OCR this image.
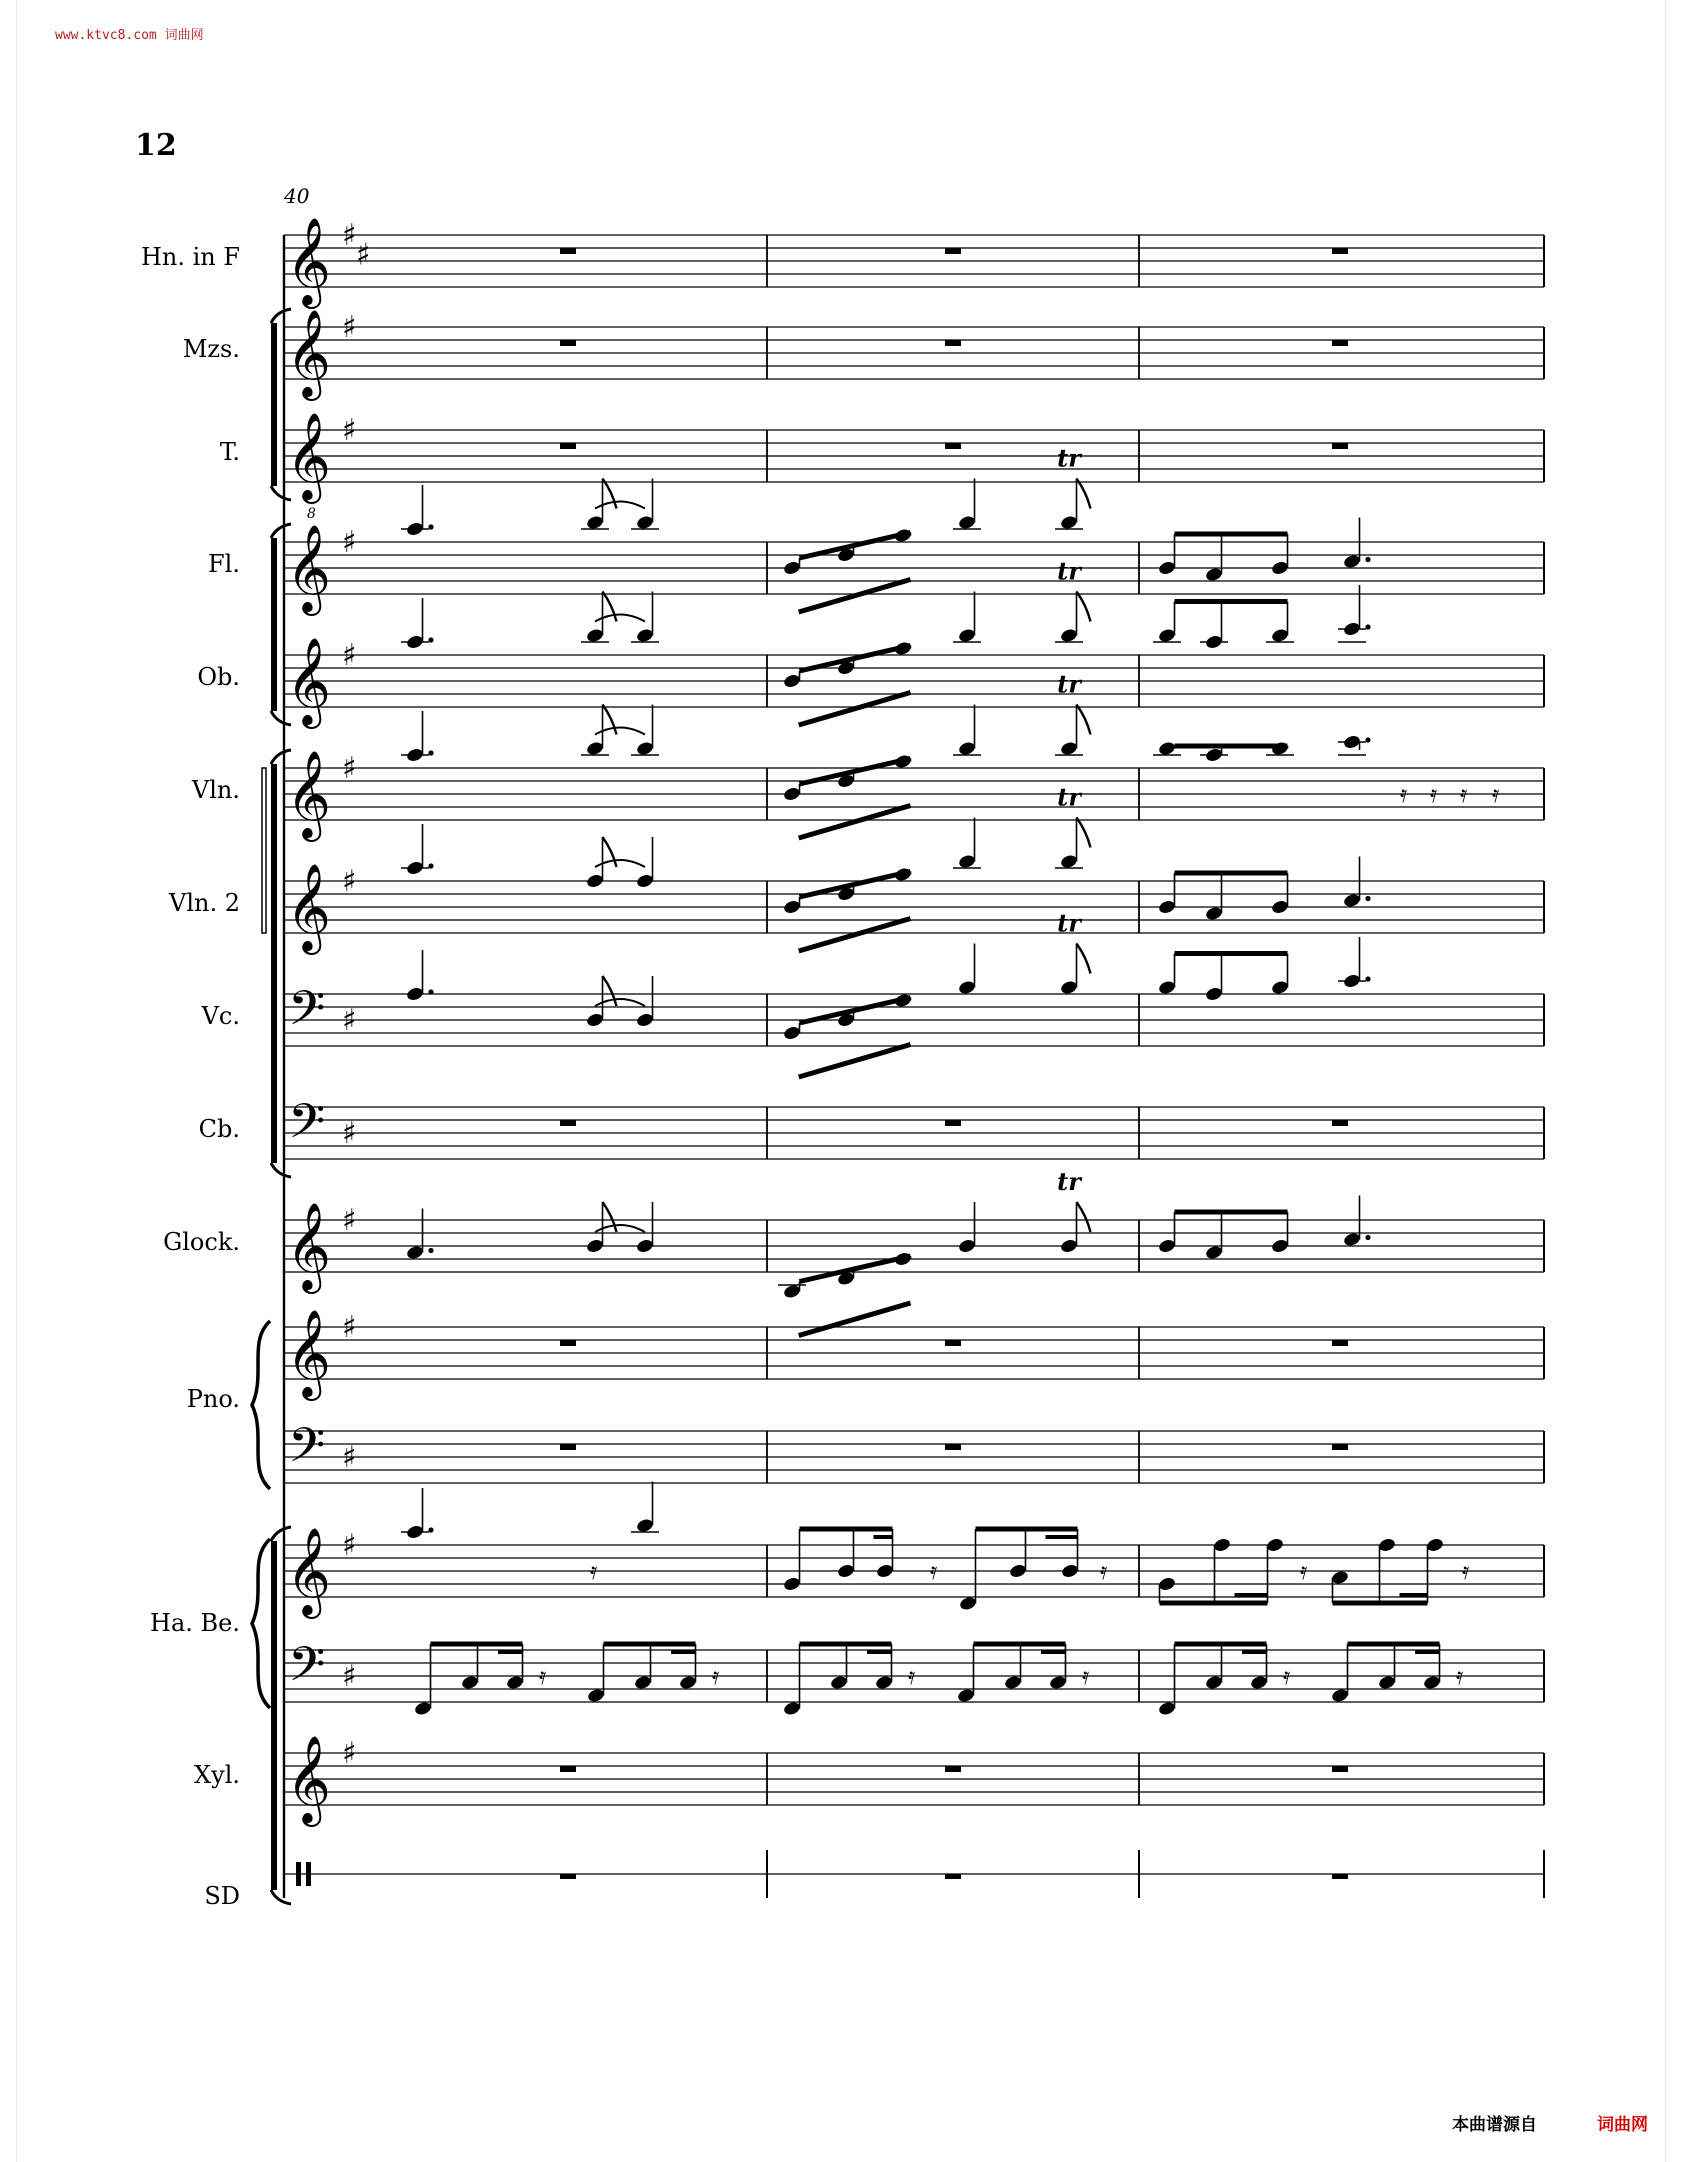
www.ktvc8.com 词曲网
12
40
Hn. in F 𝄞 ♯
♯
Mzs. 𝄞 ♯
T. 𝄞
8
♯
Fl. 𝄞 ♯
tr
Ob. 𝄞 ♯
tr
Vln. 𝄞 ♯
tr
𝄿 𝄿 𝄿 𝄿
Vln. 2 𝄞 ♯
tr
Vc. 𝄢 ♯
tr
Cb. 𝄢 ♯
Glock. 𝄞 ♯
tr
Pno.
𝄞 ♯
𝄢 ♯
Ha. Be.
𝄞 ♯
𝄿	𝄿	𝄿	𝄿	𝄿
𝄢 ♯	𝄿	𝄿	𝄿	𝄿	𝄿	𝄿
Xyl. 𝄞 ♯
SD
本曲谱源自	词曲网
